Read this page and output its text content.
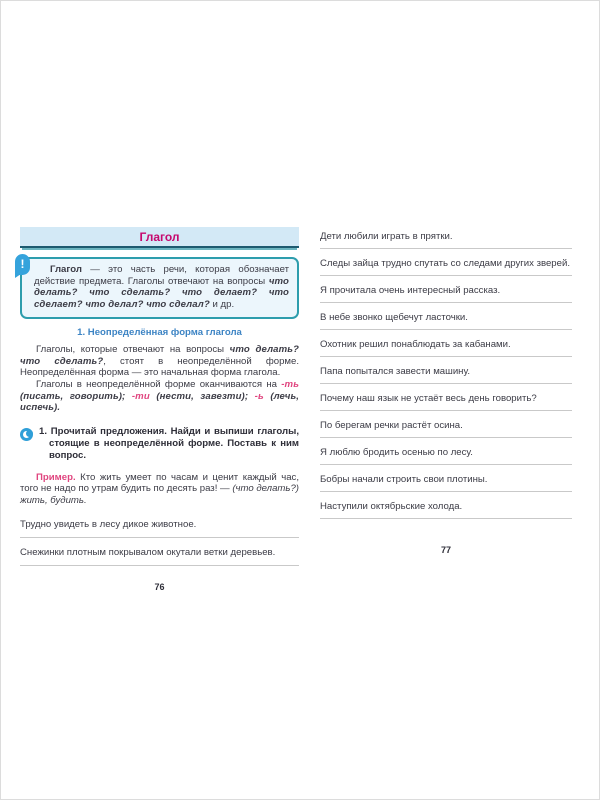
Глагол
!	Глагол — это часть речи, которая обозначает действие предмета. Глаголы отвечают на вопросы что делать? что сделать? что делает? что сделает? что делал? что сделал? и др.

1. Неопределённая форма глагола

Глаголы, которые отвечают на вопросы что делать? что сделать?, стоят в неопределённой форме. Неопределённая форма — это начальная форма глагола.

Глаголы в неопределённой форме оканчиваются на -ть (писать, говорить); -ти (нести, завезти); -ь (лечь, испечь).

1. Прочитай предложения. Найди и выпиши глаголы, стоящие в неопределённой форме. Поставь к ним вопрос.

Пример. Кто жить умеет по часам и ценит каждый час, того не надо по утрам будить по десять раз! — (что делать?) жить, будить.

Трудно увидеть в лесу дикое животное.
Снежинки плотным покрывалом окутали ветки деревьев.
76
Дети любили играть в прятки.
Следы зайца трудно спутать со следами других зверей.
Я прочитала очень интересный рассказ.
В небе звонко щебечут ласточки.
Охотник решил понаблюдать за кабанами.
Папа попытался завести машину.
Почему наш язык не устаёт весь день говорить?
По берегам речки растёт осина.
Я люблю бродить осенью по лесу.
Бобры начали строить свои плотины.
Наступили октябрьские холода.
77
